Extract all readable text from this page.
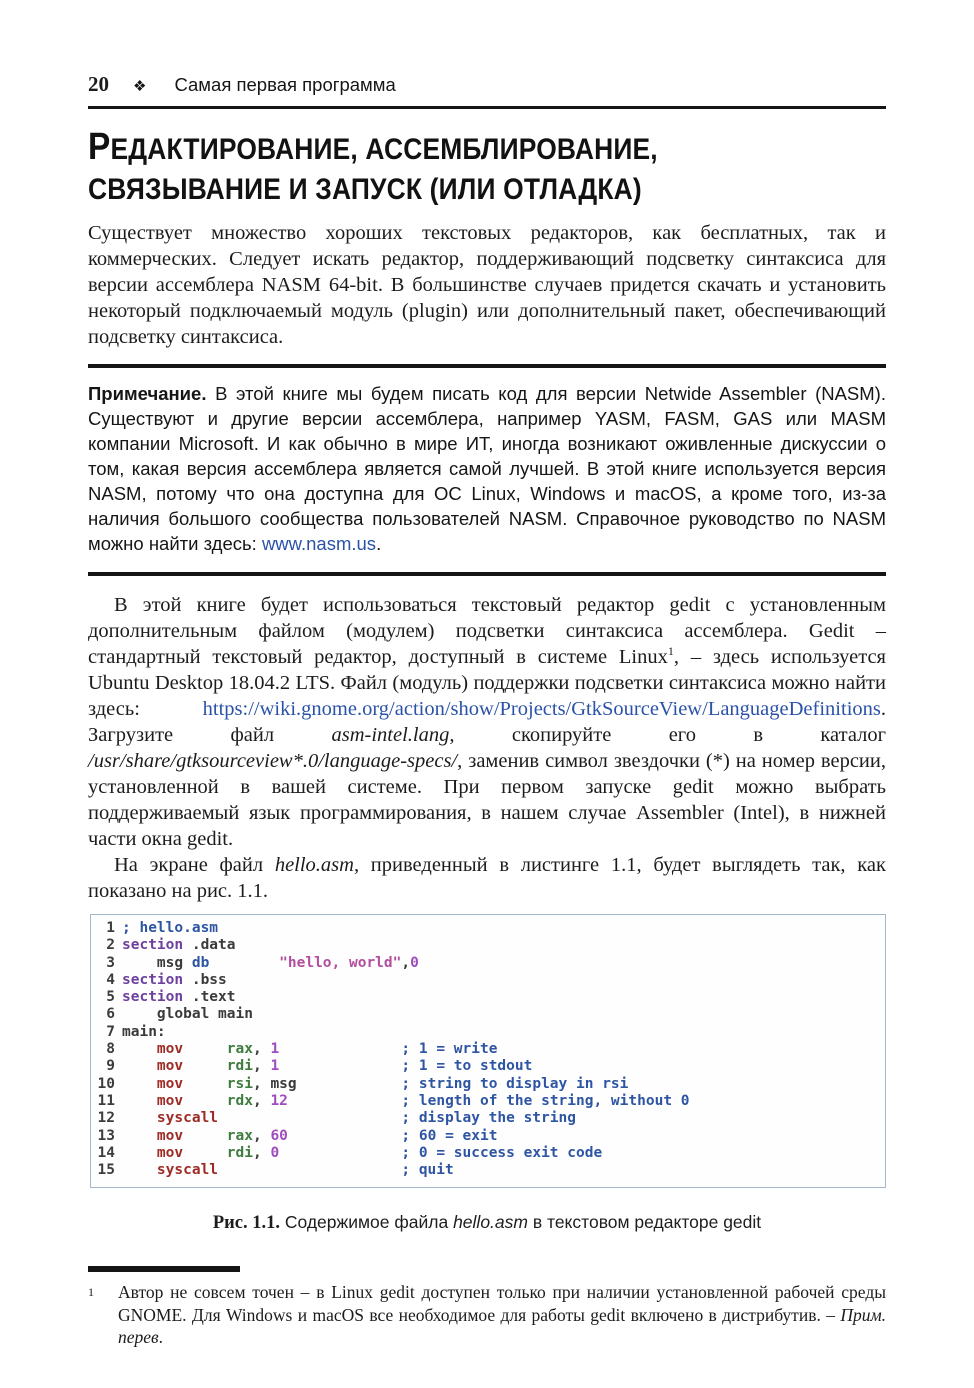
20 ❖ Самая первая программа
РЕДАКТИРОВАНИЕ, АССЕМБЛИРОВАНИЕ,
СВЯЗЫВАНИЕ И ЗАПУСК (ИЛИ ОТЛАДКА)

Существует множество хороших текстовых редакторов, как бесплатных, так и коммерческих. Следует искать редактор, поддерживающий подсветку синтаксиса для версии ассемблера NASM 64-bit. В большинстве случаев придется скачать и установить некоторый подключаемый модуль (plugin) или дополнительный пакет, обеспечивающий подсветку синтаксиса.

Примечание. В этой книге мы будем писать код для версии Netwide Assembler (NASM). Существуют и другие версии ассемблера, например YASM, FASM, GAS или MASM компании Microsoft. И как обычно в мире ИТ, иногда возникают оживленные дискуссии о том, какая версия ассемблера является самой лучшей. В этой книге используется версия NASM, потому что она доступна для ОС Linux, Windows и macOS, а кроме того, из-за наличия большого сообщества пользователей NASM. Справочное руководство по NASM можно найти здесь: www.nasm.us.

В этой книге будет использоваться текстовый редактор gedit с установленным дополнительным файлом (модулем) подсветки синтаксиса ассемблера. Gedit – стандартный текстовый редактор, доступный в системе Linux$^1$, – здесь используется Ubuntu Desktop 18.04.2 LTS. Файл (модуль) поддержки подсветки синтаксиса можно найти здесь: https://wiki.gnome.org/action/show/Projects/GtkSourceView/LanguageDefinitions. Загрузите файл asm-intel.lang, скопируйте его в каталог /usr/share/gtksourceview*.0/language-specs/, заменив символ звездочки (*) на номер версии, установленной в вашей системе. При первом запуске gedit можно выбрать поддерживаемый язык программирования, в нашем случае Assembler (Intel), в нижней части окна gedit.

На экране файл hello.asm, приведенный в листинге 1.1, будет выглядеть так, как показано на рис. 1.1.

1 ; hello.asm
2 section .data
3    msg db	"hello, world",0
4 section .bss
5 section .text
6    global main
7 main:
8	mov	rax, 1	; 1 = write
9	mov	rdi, 1	; 1 = to stdout
10	mov	rsi, msg	; string to display in rsi
11	mov	rdx, 12	; length of the string, without 0
12	syscall	; display the string
13	mov	rax, 60	; 60 = exit
14	mov	rdi, 0	; 0 = success exit code
15	syscall	; quit
Рис. 1.1. Содержимое файла hello.asm в текстовом редакторе gedit
1	Автор не совсем точен – в Linux gedit доступен только при наличии установленной рабочей среды GNOME. Для Windows и macOS все необходимое для работы gedit включено в дистрибутив. – Прим. перев.
